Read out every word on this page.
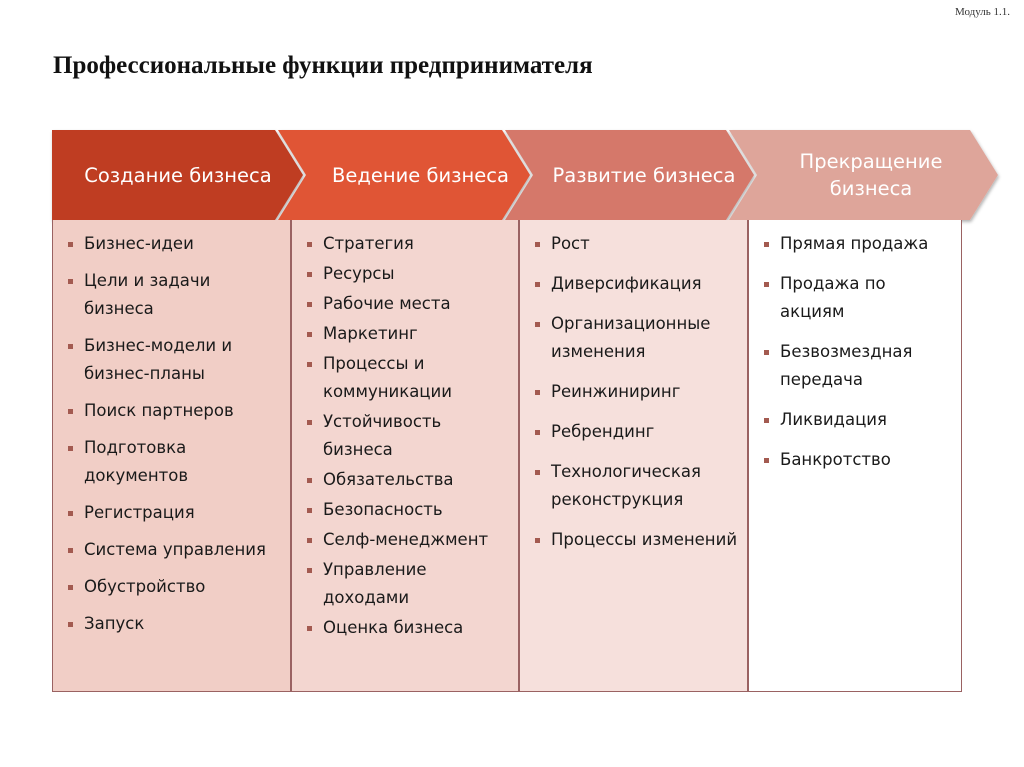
Модуль 1.1.
Профессиональные функции предпринимателя
Создание бизнеса	Ведение бизнеса	Развитие бизнеса
Прекращение бизнеса
Бизнес-идеи
Цели и задачи бизнеса
Бизнес-модели и бизнес-планы
Поиск партнеров
Подготовка документов
Регистрация
Система управления
Обустройство
Запуск
Стратегия
Ресурсы
Рабочие места
Маркетинг
Процессы и коммуникации
Устойчивость бизнеса
Обязательства
Безопасность
Селф-менеджмент
Управление доходами
Оценка бизнеса
Рост
Диверсификация
Организационные изменения
Реинжиниринг
Ребрендинг
Технологическая реконструкция
Процессы изменений
Прямая продажа
Продажа по акциям
Безвозмездная передача
Ликвидация
Банкротство
